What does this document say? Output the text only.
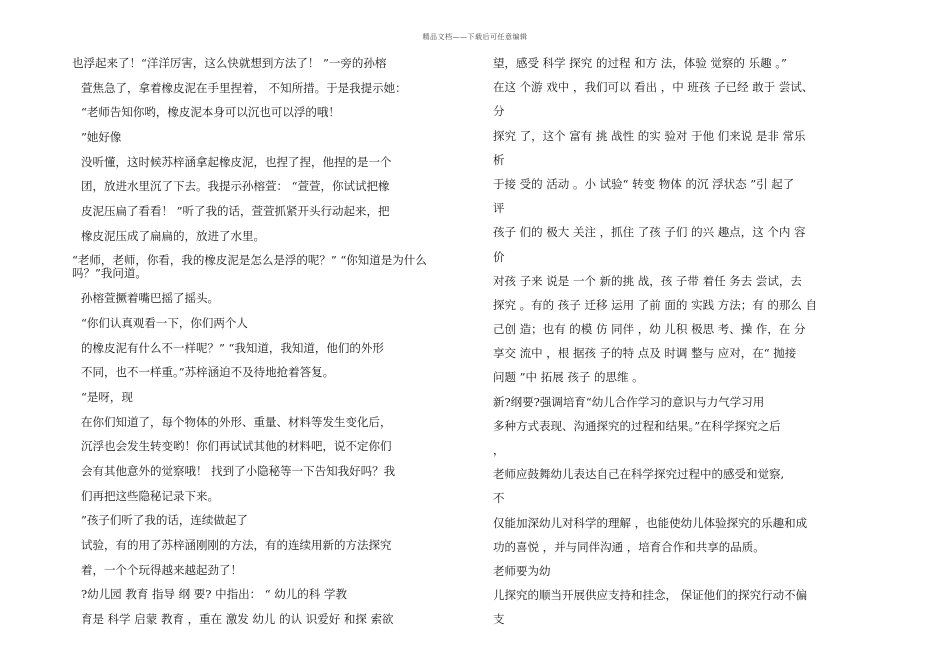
精品文档——下载后可任意编辑
也浮起来了！“洋洋厉害，这么快就想到方法了！ ”一旁的孙榕
萱焦急了，拿着橡皮泥在手里捏着， 不知所措。于是我提示她：
“老师告知你哟，橡皮泥本身可以沉也可以浮的哦！
”她好像
没听懂，这时候苏梓涵拿起橡皮泥，也捏了捏，他捏的是一个
团，放进水里沉了下去。我提示孙榕萱： “萱萱，你试试把橡
皮泥压扁了看看！ ”听了我的话，萱萱抓紧开头行动起来，把
橡皮泥压成了扁扁的，放进了水里。
“老师，老师，你看，我的橡皮泥是怎么是浮的呢？” “你知道是为什么吗？”我问道。
孙榕萱撅着嘴巴摇了摇头。
“你们认真观看一下，你们两个人
的橡皮泥有什么不一样呢？” “我知道，我知道，他们的外形
不同，也不一样重。”苏梓涵迫不及待地抢着答复。
“是呀，现
在你们知道了，每个物体的外形、重量、材料等发生变化后，
沉浮也会发生转变哟！你们再试试其他的材料吧，说不定你们
会有其他意外的觉察哦！ 找到了小隐秘等一下告知我好吗？我
们再把这些隐秘记录下来。
”孩子们听了我的话，连续做起了
试验，有的用了苏梓涵刚刚的方法，有的连续用新的方法探究
着，一个个玩得越来越起劲了！
?幼儿园 教育 指导 纲 要? 中指出： “ 幼儿的科 学教
育是 科学 启蒙 教育 ，重在 激发 幼儿 的认 识爱好 和探 索欲
望，感受 科学 探究 的过程 和方 法，体验 觉察的 乐趣 。”
在这 个游 戏中 ，我们可以 看出 ，中 班孩 子已经 敢于 尝试、
分
探究 了，这个 富有 挑 战性 的实 验对 于他 们来说 是非 常乐
析
于接 受的 活动 。小 试验“ 转变 物体 的沉 浮状态 ”引 起了
评
孩子 们的 极大 关注 ，抓住 了孩 子们 的兴 趣点，这 个内 容
价
对孩 子来 说是 一个 新的挑 战，孩 子带 着任 务去 尝试，去
探究 。有的 孩子 迁移 运用 了前 面的 实践 方法；有 的那么 自
己创 造；也有 的模 仿 同伴 ，幼 儿积 极思 考、操 作，在 分
享交 流中 ，根 据孩 子的特 点及 时调 整与 应对，在“ 抛接
问题 ”中 拓展 孩子 的思维 。
新?纲要?强调培育“幼儿合作学习的意识与力气学习用
多种方式表现、沟通探究的过程和结果。”在科学探究之后
，
老师应鼓舞幼儿表达自己在科学探究过程中的感受和觉察,
不
仅能加深幼儿对科学的理解 ，也能使幼儿体验探究的乐趣和成
功的喜悦 ，并与同伴沟通 ，培育合作和共享的品质。
老师要为幼
儿探究的顺当开展供应支持和挂念， 保证他们的探究行动不偏
支
